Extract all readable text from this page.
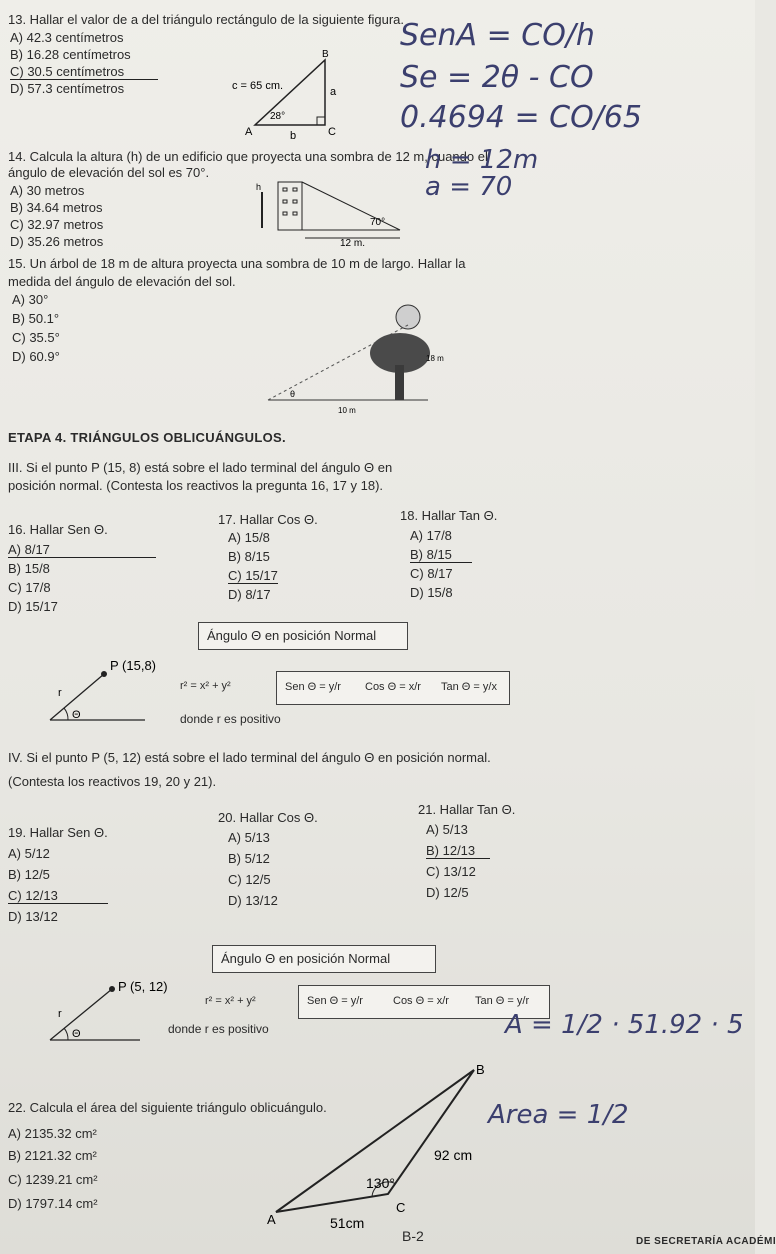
13. Hallar el valor de a del triángulo rectángulo de la siguiente figura.
A) 42.3 centímetros
B) 16.28 centímetros
C) 30.5 centímetros
D) 57.3 centímetros
A
B
C
c = 65 cm.	a
b
28°
SenA = CO/h
Se = 2θ - CO
0.4694 = CO/65
14. Calcula la altura (h) de un edificio que proyecta una sombra de 12 m, cuando el
ángulo de elevación del sol es 70°.
A) 30 metros
B) 34.64 metros
C) 32.97 metros
D) 35.26 metros
h
70°
12 m.
h = 12m
a = 70
15. Un árbol de 18 m de altura proyecta una sombra de 10 m de largo. Hallar la
medida del ángulo de elevación del sol.
A) 30°
B) 50.1°
C) 35.5°
D) 60.9°	18 m
10 m
θ
ETAPA 4. TRIÁNGULOS OBLICUÁNGULOS.
III. Si el punto P (15, 8) está sobre el lado terminal del ángulo Θ en
posición normal. (Contesta los reactivos la pregunta 16, 17 y 18).
16. Hallar Sen Θ.
A) 8/17
B) 15/8
C) 17/8
D) 15/17
17. Hallar Cos Θ.
A) 15/8
B) 8/15
C) 15/17
D) 8/17
18. Hallar Tan Θ.
A) 17/8
B) 8/15
C) 8/17
D) 15/8
Ángulo Θ en posición Normal
P (15,8)
r
Θ
r² = x² + y²
donde r es positivo
Sen Θ = y/r Cos Θ = x/r Tan Θ = y/x
IV. Si el punto P (5, 12) está sobre el lado terminal del ángulo Θ en posición normal.
(Contesta los reactivos 19, 20 y 21).
19. Hallar Sen Θ.
A) 5/12
B) 12/5
C) 12/13
D) 13/12
20. Hallar Cos Θ.
A) 5/13
B) 5/12
C) 12/5
D) 13/12
21. Hallar Tan Θ.
A) 5/13
B) 12/13
C) 13/12
D) 12/5
Ángulo Θ en posición Normal
P (5, 12)
r
Θ
r² = x² + y²
donde r es positivo
Sen Θ = y/r	Cos Θ = x/r Tan Θ = y/r
22. Calcula el área del siguiente triángulo oblicuángulo.
A) 2135.32 cm²
B) 2121.32 cm²
C) 1239.21 cm²
D) 1797.14 cm²
A
B
C
92 cm
130°
51cm
A = 1/2 · 51.92 · 5
Area = 1/2
B-2	DE SECRETARÍA ACADÉMI
